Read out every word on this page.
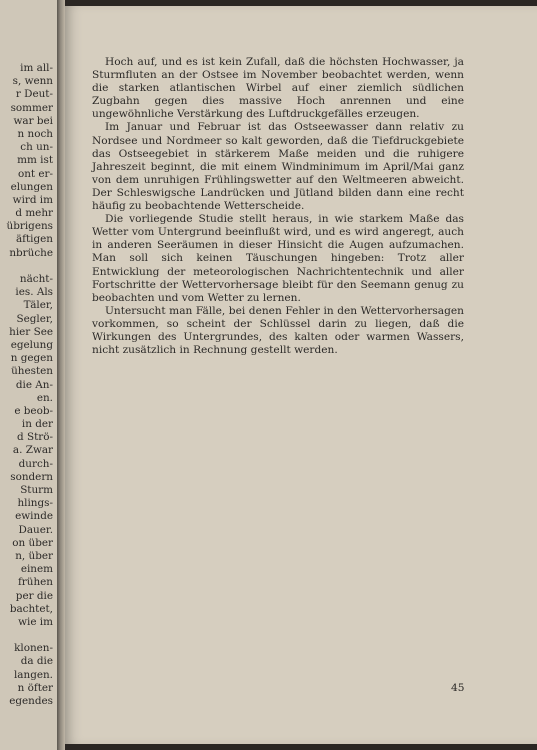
im all-
s, wenn
r Deut-
sommer
war bei
n noch
ch un-
mm ist
ont er-
elungen
wird im
d mehr
übrigens
äftigen
nbrüche
nächt-
ies. Als
Täler,
Segler,
hier See
egelung
n gegen
ühesten
die An-
en.
e beob-
in der
d Strö-
a. Zwar
durch-
sondern
Sturm
hlings-
ewinde
Dauer.
on über
n, über
einem
frühen
per die
bachtet,
wie im
klonen-
da die
langen.
n öfter
egendes

Hoch auf, und es ist kein Zufall, daß die höchsten Hochwasser, ja Sturmfluten an der Ostsee im November beobachtet werden, wenn die starken atlantischen Wirbel auf einer ziemlich südlichen Zugbahn gegen dies massive Hoch anrennen und eine ungewöhnliche Verstärkung des Luftdruckgefälles erzeugen.

Im Januar und Februar ist das Ostseewasser dann relativ zu Nordsee und Nordmeer so kalt geworden, daß die Tiefdruckgebiete das Ostseegebiet in stärkerem Maße meiden und die ruhigere Jahreszeit beginnt, die mit einem Windminimum im April/Mai ganz von dem unruhigen Frühlingswetter auf den Weltmeeren abweicht. Der Schleswigsche Landrücken und Jütland bilden dann eine recht häufig zu beobachtende Wetterscheide.

Die vorliegende Studie stellt heraus, in wie starkem Maße das Wetter vom Untergrund beeinflußt wird, und es wird angeregt, auch in anderen Seeräumen in dieser Hinsicht die Augen aufzumachen. Man soll sich keinen Täuschungen hingeben: Trotz aller Entwicklung der meteorologischen Nachrichtentechnik und aller Fortschritte der Wettervorhersage bleibt für den Seemann genug zu beobachten und vom Wetter zu lernen.

Untersucht man Fälle, bei denen Fehler in den Wettervorhersagen vorkommen, so scheint der Schlüssel darin zu liegen, daß die Wirkungen des Untergrundes, des kalten oder warmen Wassers, nicht zusätzlich in Rechnung gestellt werden.

45
